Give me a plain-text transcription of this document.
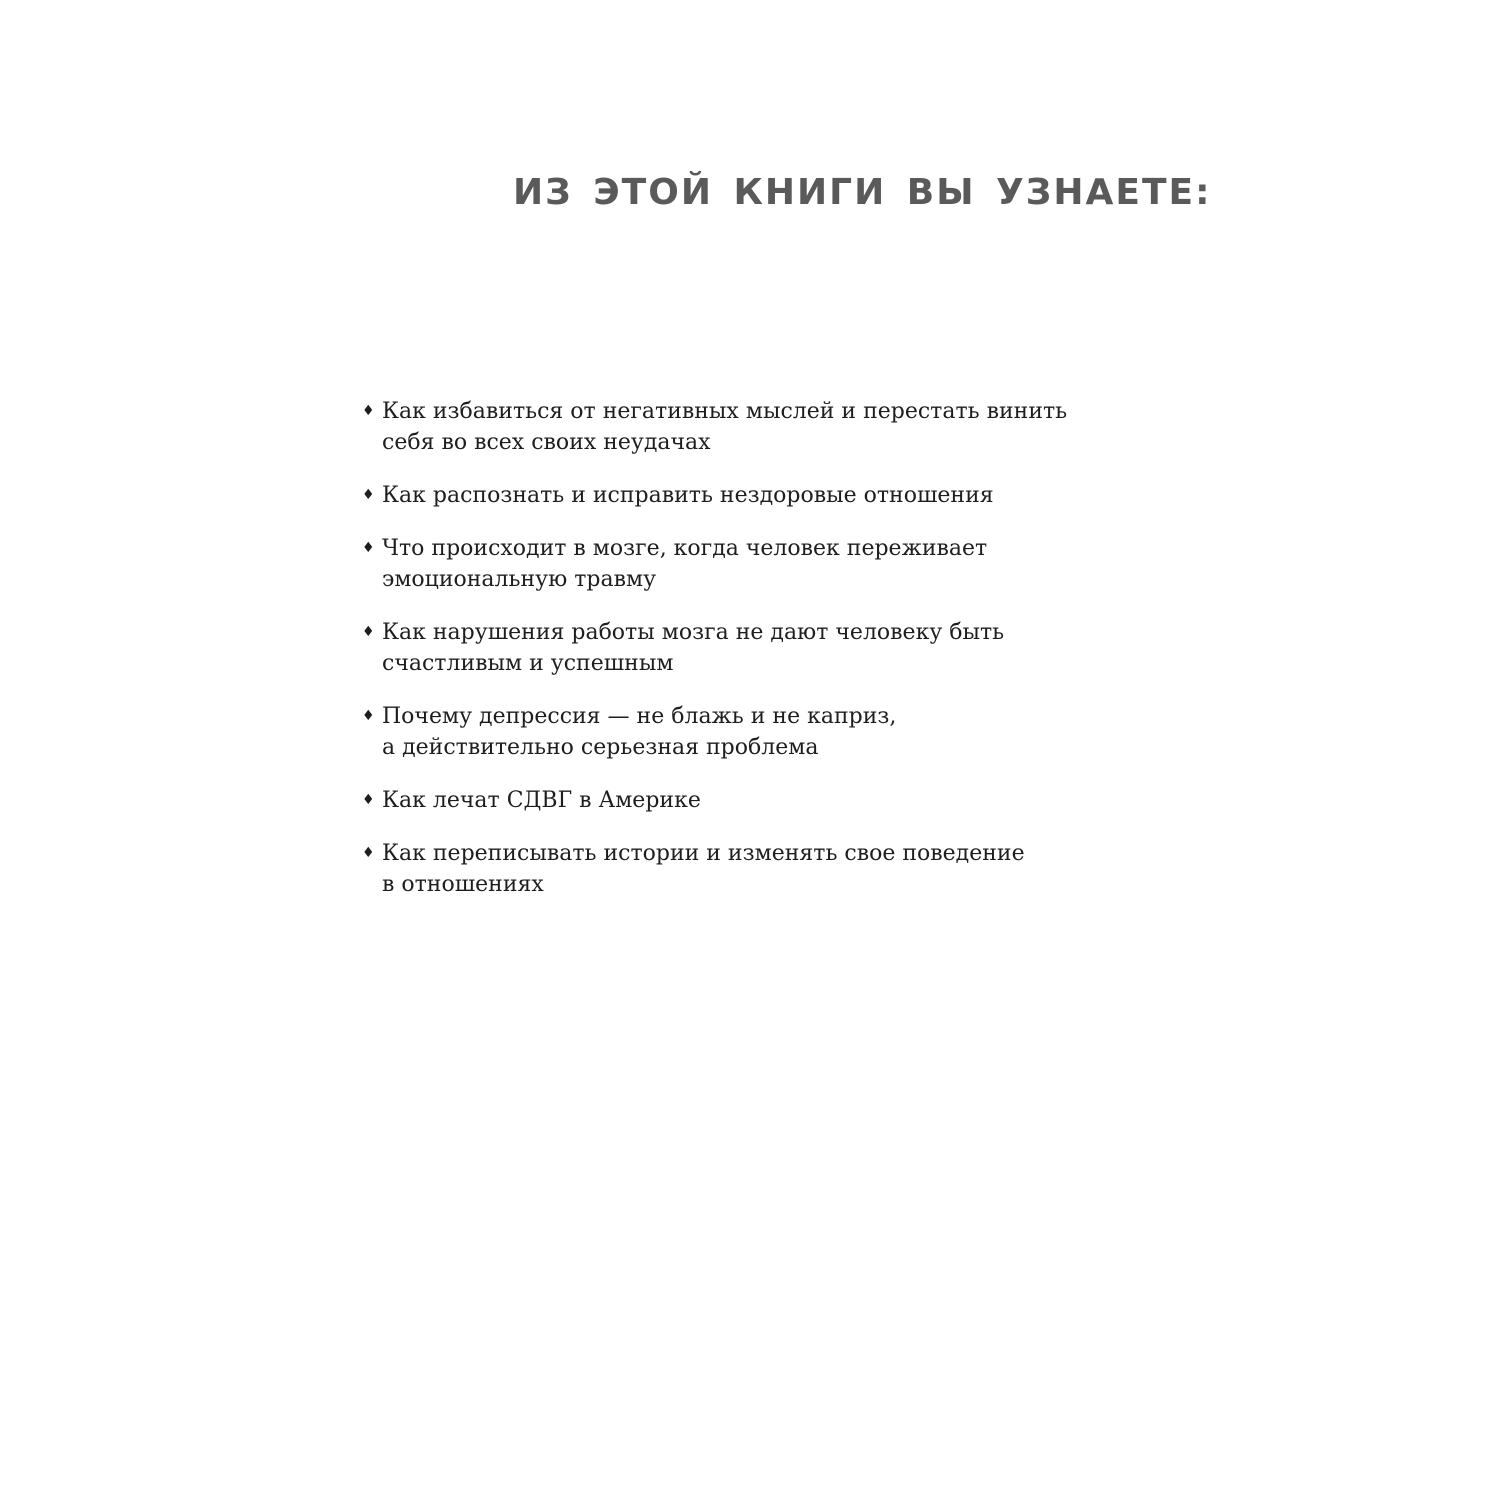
ИЗ ЭТОЙ КНИГИ ВЫ УЗНАЕТЕ:
♦ Как избавиться от негативных мыслей и перестать винить
себя во всех своих неудачах
♦ Как распознать и исправить нездоровые отношения
♦ Что происходит в мозге, когда человек переживает
эмоциональную травму
♦ Как нарушения работы мозга не дают человеку быть
счастливым и успешным
♦ Почему депрессия — не блажь и не каприз,
а действительно серьезная проблема
♦ Как лечат СДВГ в Америке
♦ Как переписывать истории и изменять свое поведение
в отношениях
